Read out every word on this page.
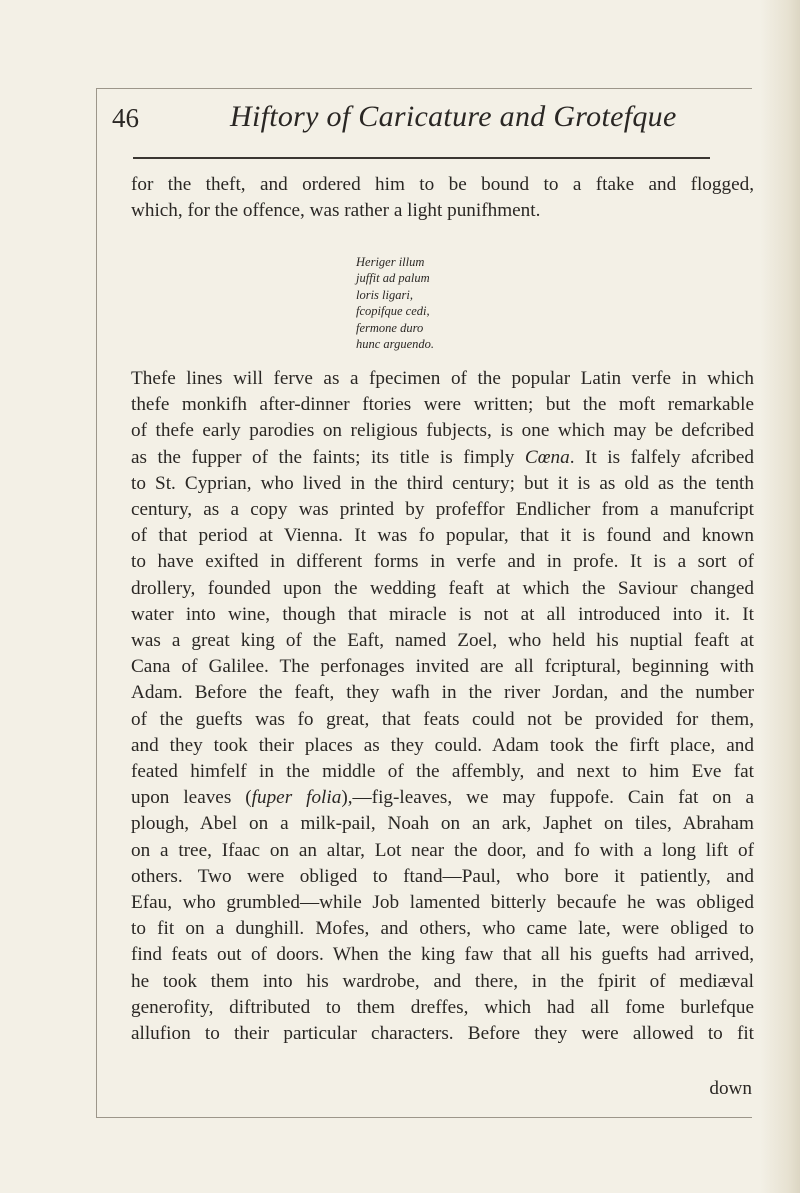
46	Hiftory of Caricature and Grotefque
for the theft, and ordered him to be bound to a ftake and flogged,
which, for the offence, was rather a light punifhment.
Heriger illum
juffit ad palum
loris ligari,
fcopifque cedi,
fermone duro
hunc arguendo.
Thefe lines will ferve as a fpecimen of the popular Latin verfe in which
thefe monkifh after-dinner ftories were written; but the moft remarkable
of thefe early parodies on religious fubjects, is one which may be defcribed
as the fupper of the faints; its title is fimply Cœna. It is falfely afcribed
to St. Cyprian, who lived in the third century; but it is as old as the tenth
century, as a copy was printed by profeffor Endlicher from a manufcript
of that period at Vienna. It was fo popular, that it is found and known
to have exifted in different forms in verfe and in profe. It is a sort of
drollery, founded upon the wedding feaft at which the Saviour changed
water into wine, though that miracle is not at all introduced into it. It
was a great king of the Eaft, named Zoel, who held his nuptial feaft at
Cana of Galilee. The perfonages invited are all fcriptural, beginning with
Adam. Before the feaft, they wafh in the river Jordan, and the number
of the guefts was fo great, that feats could not be provided for them,
and they took their places as they could. Adam took the firft place, and
feated himfelf in the middle of the affembly, and next to him Eve fat
upon leaves (fuper folia),—fig-leaves, we may fuppofe. Cain fat on a
plough, Abel on a milk-pail, Noah on an ark, Japhet on tiles, Abraham
on a tree, Ifaac on an altar, Lot near the door, and fo with a long lift of
others. Two were obliged to ftand—Paul, who bore it patiently, and
Efau, who grumbled—while Job lamented bitterly becaufe he was obliged
to fit on a dunghill. Mofes, and others, who came late, were obliged to
find feats out of doors. When the king faw that all his guefts had arrived,
he took them into his wardrobe, and there, in the fpirit of mediæval
generofity, diftributed to them dreffes, which had all fome burlefque
allufion to their particular characters. Before they were allowed to fit
down
